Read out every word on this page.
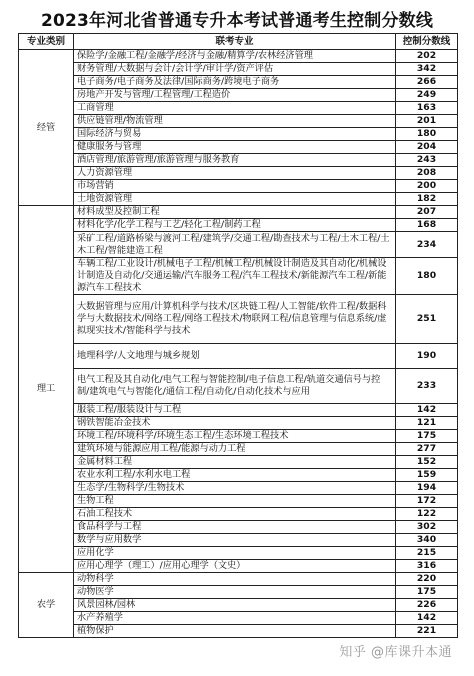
2023年河北省普通专升本考试普通考生控制分数线
专业类别	联考专业	控制分数线
经管	保险学/金融工程/金融学/经济与金融/精算学/农林经济管理	202
	财务管理/大数据与会计/会计学/审计学/资产评估	342
	电子商务/电子商务及法律/国际商务/跨境电子商务	266
	房地产开发与管理/工程管理/工程造价	249
	工商管理	163
	供应链管理/物流管理	201
	国际经济与贸易	180
	健康服务与管理	204
	酒店管理/旅游管理/旅游管理与服务教育	243
	人力资源管理	208
	市场营销	200
	土地资源管理	182
理工	材料成型及控制工程	207
	材料化学/化学工程与工艺/轻化工程/制药工程	168
	采矿工程/道路桥梁与渡河工程/建筑学/交通工程/勘查技术与工程/土木工程/土木工程/智能建造工程	234
	车辆工程/工业设计/机械电子工程/机械工程/机械设计制造及其自动化/机械设计制造及自动化/交通运输/汽车服务工程/汽车工程技术/新能源汽车工程/新能源汽车工程技术	180
	大数据管理与应用/计算机科学与技术/区块链工程/人工智能/软件工程/数据科学与大数据技术/网络工程/网络工程技术/物联网工程/信息管理与信息系统/虚拟现实技术/智能科学与技术	251
	地理科学/人文地理与城乡规划	190
	电气工程及其自动化/电气工程与智能控制/电子信息工程/轨道交通信号与控制/建筑电气与智能化/通信工程/自动化/自动化技术与应用	233
	服装工程/服装设计与工程	142
	钢铁智能冶金技术	121
	环境工程/环境科学/环境生态工程/生态环境工程技术	175
	建筑环境与能源应用工程/能源与动力工程	277
	金属材料工程	152
	农业水利工程/水利水电工程	159
	生态学/生物科学/生物技术	194
	生物工程	172
	石油工程技术	122
	食品科学与工程	302
	数学与应用数学	340
	应用化学	215
	应用心理学（理工）/应用心理学（文史）	316
农学	动物科学	220
	动物医学	175
	风景园林/园林	226
	水产养殖学	142
	植物保护	221
知乎 @库课升本通
